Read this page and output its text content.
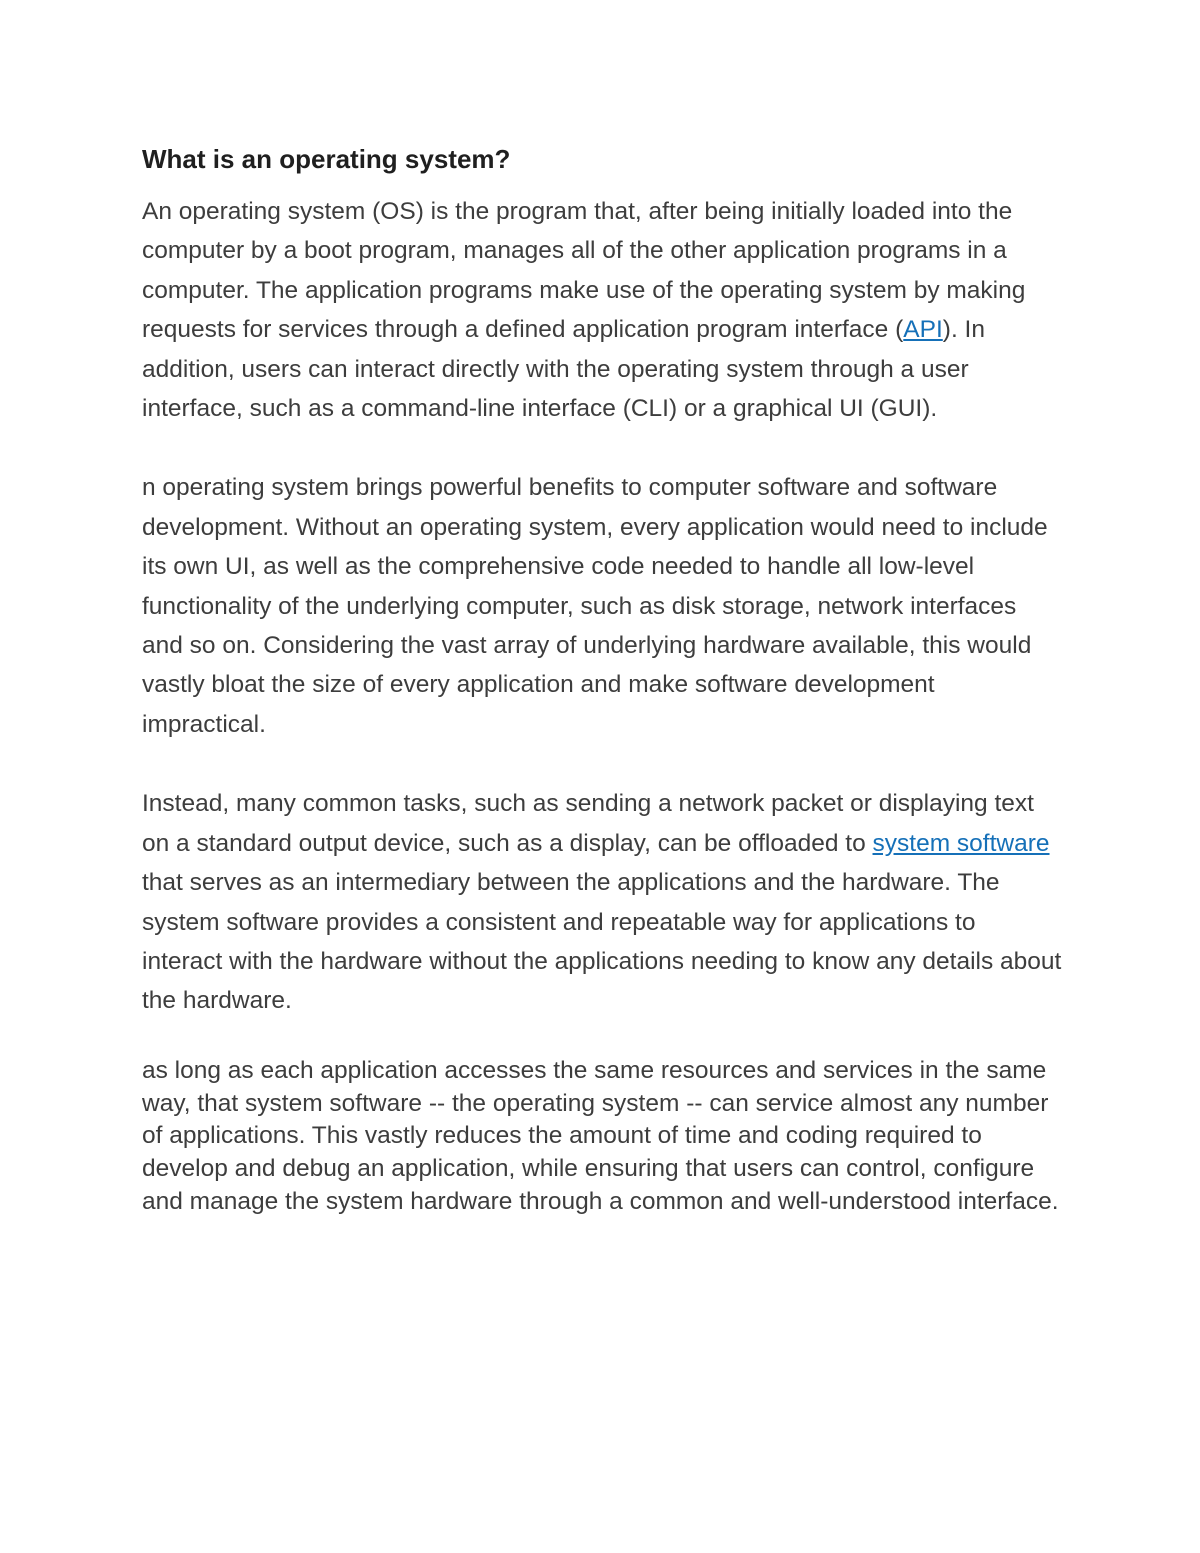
What is an operating system?

An operating system (OS) is the program that, after being initially loaded into the computer by a boot program, manages all of the other application programs in a computer. The application programs make use of the operating system by making requests for services through a defined application program interface (API). In addition, users can interact directly with the operating system through a user interface, such as a command-line interface (CLI) or a graphical UI (GUI).

n operating system brings powerful benefits to computer software and software development. Without an operating system, every application would need to include its own UI, as well as the comprehensive code needed to handle all low-level functionality of the underlying computer, such as disk storage, network interfaces and so on. Considering the vast array of underlying hardware available, this would vastly bloat the size of every application and make software development impractical.

Instead, many common tasks, such as sending a network packet or displaying text on a standard output device, such as a display, can be offloaded to system software that serves as an intermediary between the applications and the hardware. The system software provides a consistent and repeatable way for applications to interact with the hardware without the applications needing to know any details about the hardware.

as long as each application accesses the same resources and services in the same way, that system software -- the operating system -- can service almost any number of applications. This vastly reduces the amount of time and coding required to develop and debug an application, while ensuring that users can control, configure and manage the system hardware through a common and well-understood interface.
